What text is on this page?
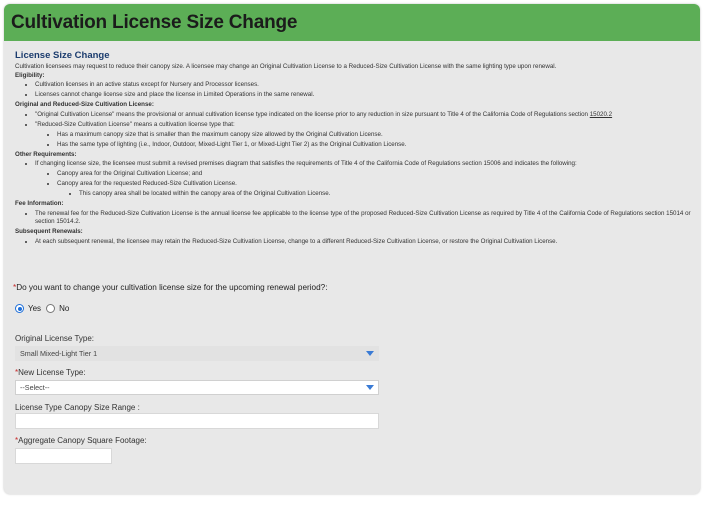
Cultivation License Size Change
License Size Change
Cultivation licensees may request to reduce their canopy size. A licensee may change an Original Cultivation License to a Reduced-Size Cultivation License with the same lighting type upon renewal.
Eligibility:
• Cultivation licenses in an active status except for Nursery and Processor licenses.
• Licenses cannot change license size and place the license in Limited Operations in the same renewal.
Original and Reduced-Size Cultivation License:
• "Original Cultivation License" means the provisional or annual cultivation license type indicated on the license prior to any reduction in size pursuant to Title 4 of the California Code of Regulations section 15020.2
• "Reduced-Size Cultivation License" means a cultivation license type that:
• Has a maximum canopy size that is smaller than the maximum canopy size allowed by the Original Cultivation License.
• Has the same type of lighting (i.e., Indoor, Outdoor, Mixed-Light Tier 1, or Mixed-Light Tier 2) as the Original Cultivation License.
Other Requirements:
• If changing license size, the licensee must submit a revised premises diagram that satisfies the requirements of Title 4 of the California Code of Regulations section 15006 and indicates the following:
• Canopy area for the Original Cultivation License; and
• Canopy area for the requested Reduced-Size Cultivation License.
• This canopy area shall be located within the canopy area of the Original Cultivation License.
Fee Information:
• The renewal fee for the Reduced-Size Cultivation License is the annual license fee applicable to the license type of the proposed Reduced-Size Cultivation License as required by Title 4 of the California Code of Regulations section 15014 or section 15014.2.
Subsequent Renewals:
• At each subsequent renewal, the licensee may retain the Reduced-Size Cultivation License, change to a different Reduced-Size Cultivation License, or restore the Original Cultivation License.
*Do you want to change your cultivation license size for the upcoming renewal period?:
Yes No
Original License Type:
Small Mixed-Light Tier 1
*New License Type:
--Select--
License Type Canopy Size Range :
*Aggregate Canopy Square Footage:
